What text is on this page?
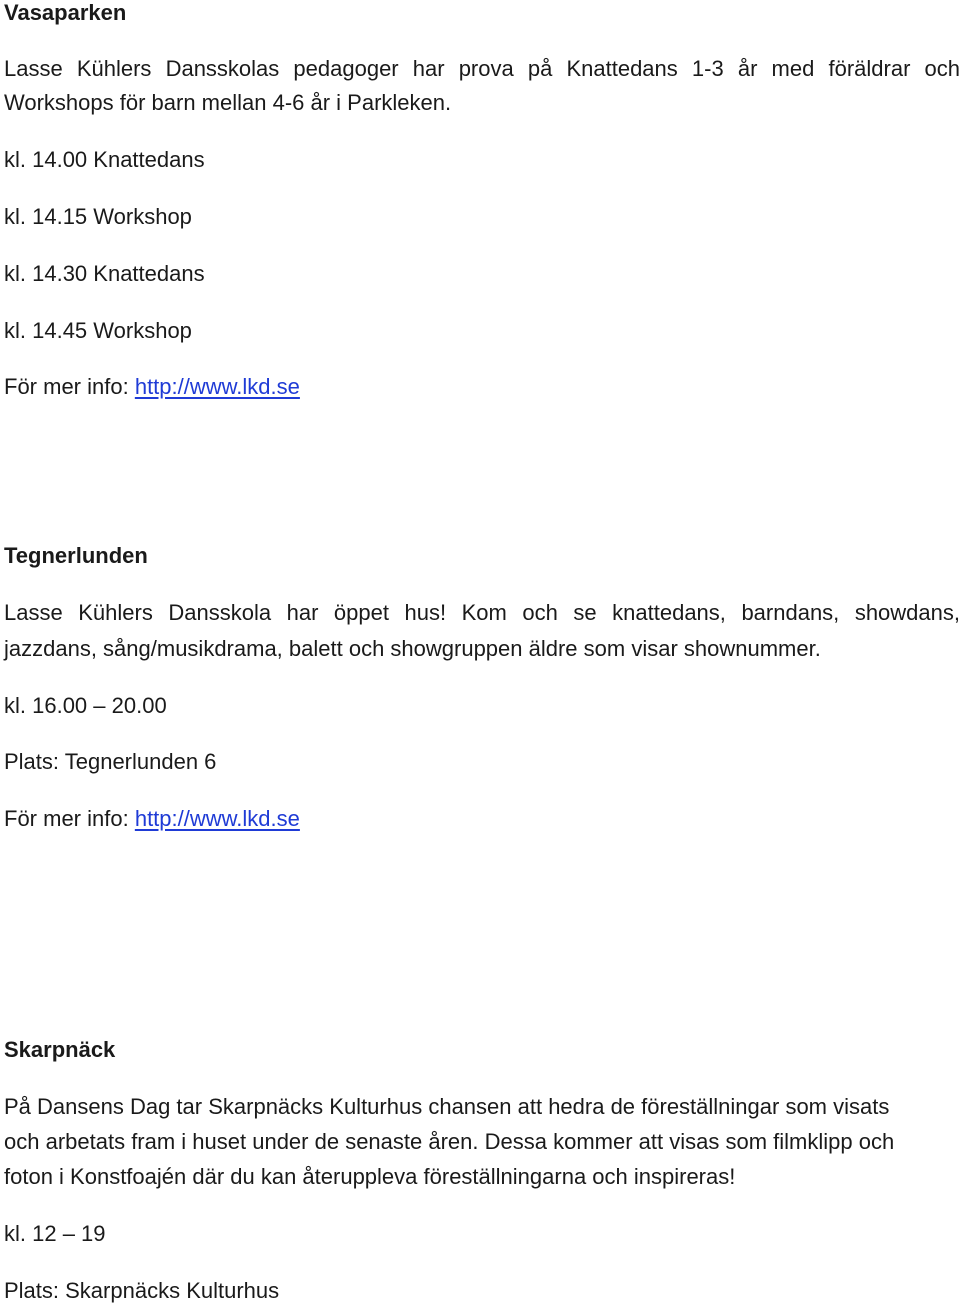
Vasaparken
Lasse Kühlers Dansskolas pedagoger har prova på Knattedans 1-3 år med föräldrar och
Workshops för barn mellan 4-6 år i Parkleken.
kl. 14.00 Knattedans
kl. 14.15 Workshop
kl. 14.30 Knattedans
kl. 14.45 Workshop
För mer info: http://www.lkd.se
Tegnerlunden
Lasse Kühlers Dansskola har öppet hus! Kom och se knattedans, barndans, showdans,
jazzdans, sång/musikdrama, balett och showgruppen äldre som visar shownummer.
kl. 16.00 – 20.00
Plats: Tegnerlunden 6
För mer info: http://www.lkd.se
Skarpnäck
På Dansens Dag tar Skarpnäcks Kulturhus chansen att hedra de föreställningar som visats
och arbetats fram i huset under de senaste åren. Dessa kommer att visas som filmklipp och
foton i Konstfoajén där du kan återuppleva föreställningarna och inspireras!
kl. 12 – 19
Plats: Skarpnäcks Kulturhus
